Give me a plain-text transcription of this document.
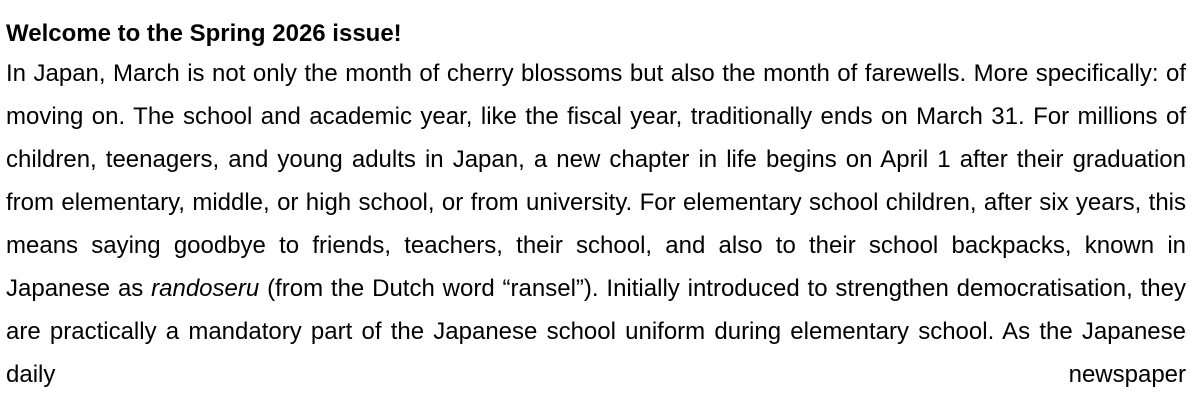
Welcome to the Spring 2026 issue!

In Japan, March is not only the month of cherry blossoms but also the month of farewells. More specifically: of moving on. The school and academic year, like the fiscal year, traditionally ends on March 31. For millions of children, teenagers, and young adults in Japan, a new chapter in life begins on April 1 after their graduation from elementary, middle, or high school, or from university. For elementary school children, after six years, this means saying goodbye to friends, teachers, their school, and also to their school backpacks, known in Japanese as randoseru (from the Dutch word “ransel”). Initially introduced to strengthen democratisation, they are practically a mandatory part of the Japanese school uniform during elementary school. As the Japanese daily newspaper
